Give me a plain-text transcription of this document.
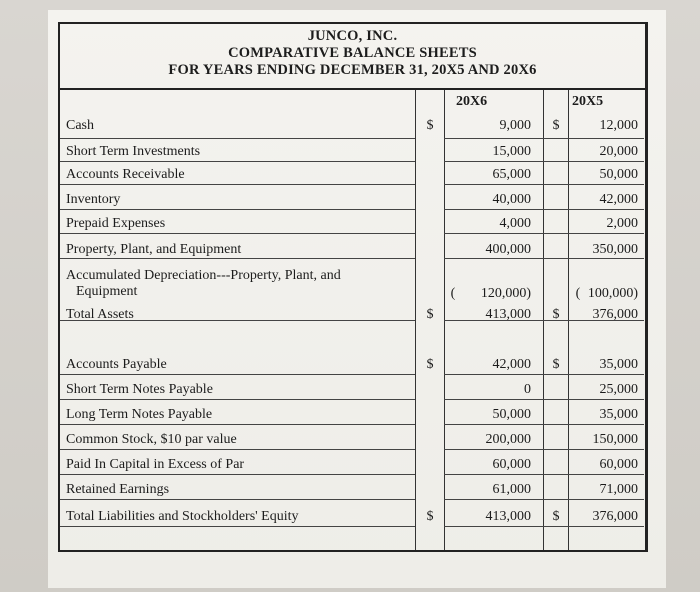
JUNCO, INC.
COMPARATIVE BALANCE SHEETS
FOR YEARS ENDING DECEMBER 31, 20X5 AND 20X6
20X6	20X5
Cash	$	9,000	$	12,000
Short Term Investments	15,000	20,000
Accounts Receivable	65,000	50,000
Inventory	40,000	42,000
Prepaid Expenses	4,000	2,000
Property, Plant, and Equipment	400,000	350,000
Accumulated Depreciation---Property, Plant, and
Equipment	(	120,000)	( 100,000)
Total Assets	$	413,000	$	376,000
Accounts Payable	$	42,000	$	35,000
Short Term Notes Payable	0	25,000
Long Term Notes Payable	50,000	35,000
Common Stock, $10 par value	200,000	150,000
Paid In Capital in Excess of Par	60,000	60,000
Retained Earnings	61,000	71,000
Total Liabilities and Stockholders' Equity	$	413,000	$	376,000
